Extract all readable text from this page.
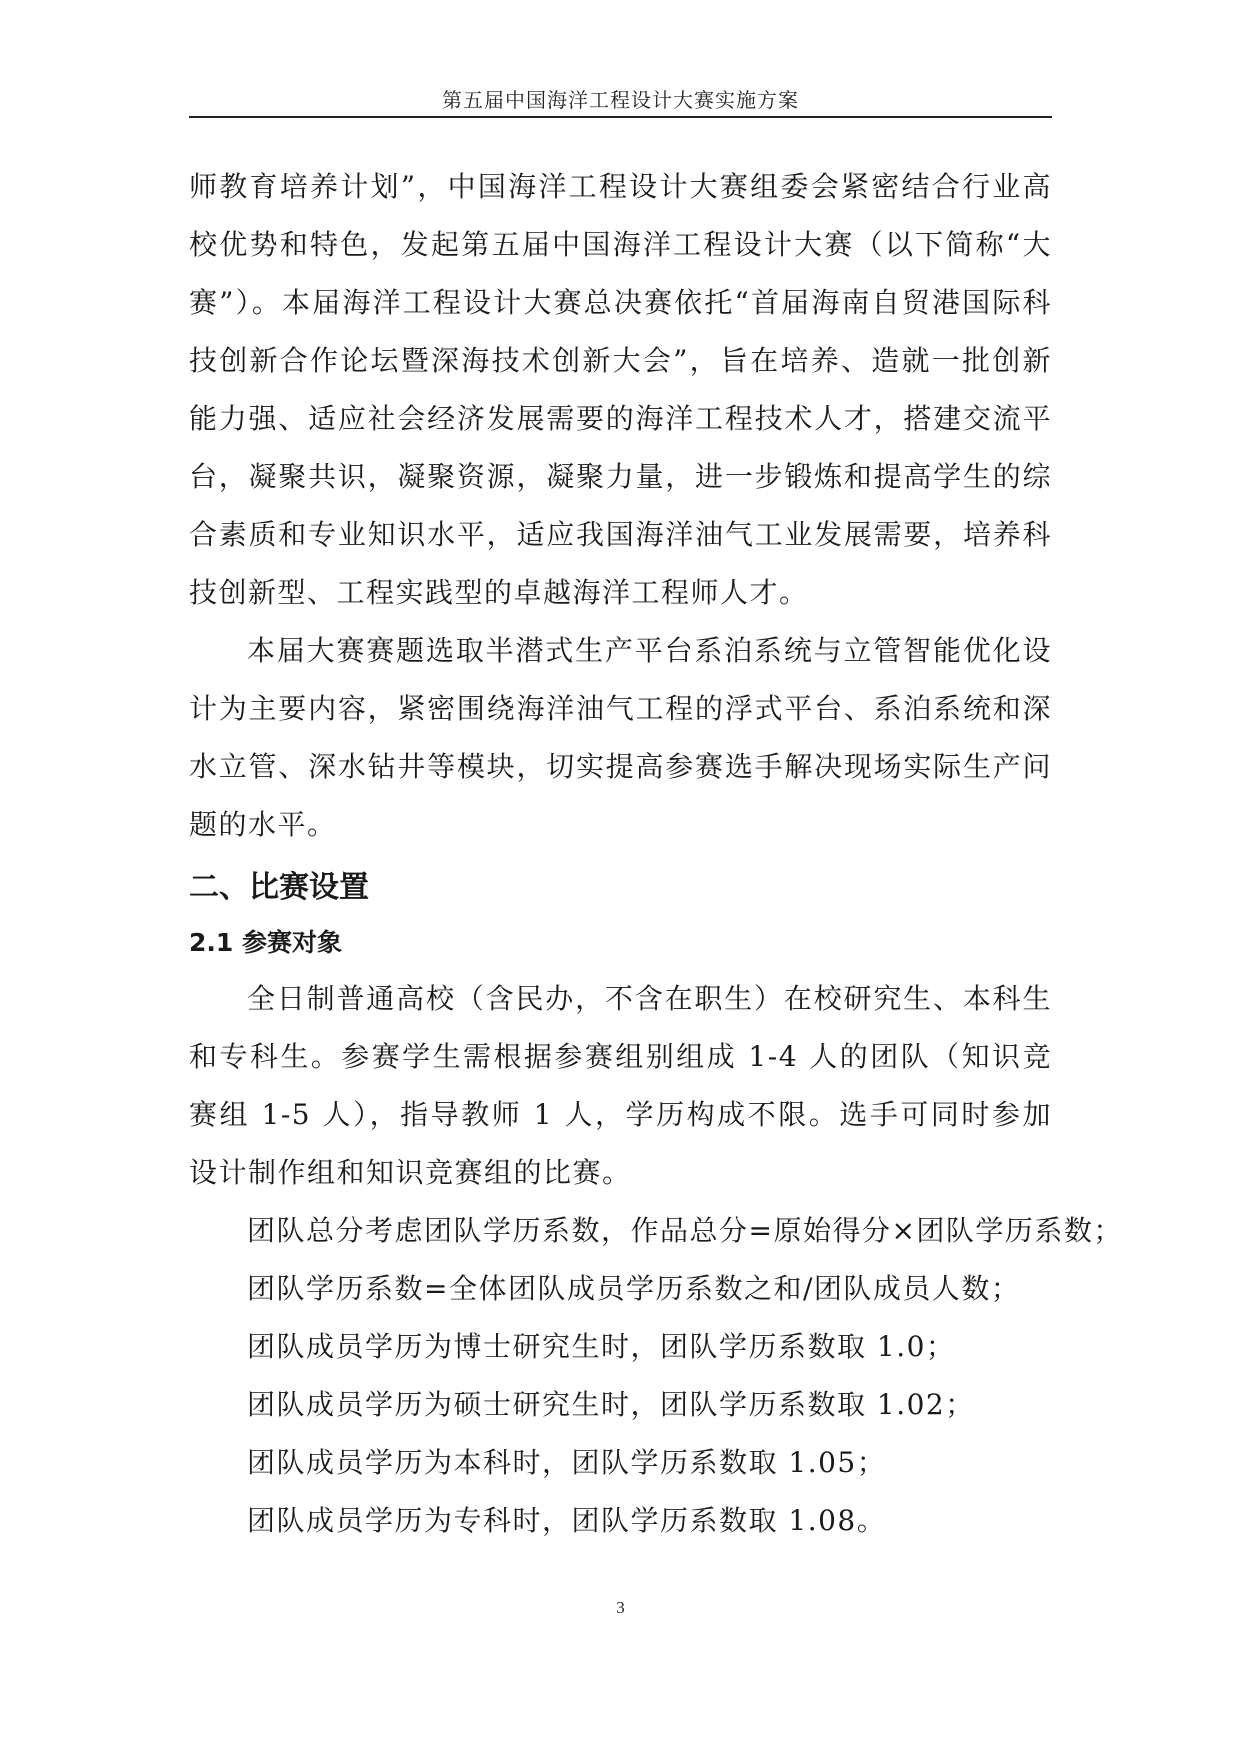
第五届中国海洋工程设计大赛实施方案

师教育培养计划”，中国海洋工程设计大赛组委会紧密结合行业高校优势和特色，发起第五届中国海洋工程设计大赛（以下简称“大赛”）。本届海洋工程设计大赛总决赛依托“首届海南自贸港国际科技创新合作论坛暨深海技术创新大会”，旨在培养、造就一批创新能力强、适应社会经济发展需要的海洋工程技术人才，搭建交流平台，凝聚共识，凝聚资源，凝聚力量，进一步锻炼和提高学生的综合素质和专业知识水平，适应我国海洋油气工业发展需要，培养科技创新型、工程实践型的卓越海洋工程师人才。

本届大赛赛题选取半潜式生产平台系泊系统与立管智能优化设计为主要内容，紧密围绕海洋油气工程的浮式平台、系泊系统和深水立管、深水钻井等模块，切实提高参赛选手解决现场实际生产问题的水平。

二、比赛设置
2.1 参赛对象

全日制普通高校（含民办，不含在职生）在校研究生、本科生和专科生。参赛学生需根据参赛组别组成 1-4 人的团队（知识竞赛组 1-5 人），指导教师 1 人，学历构成不限。选手可同时参加设计制作组和知识竞赛组的比赛。

团队总分考虑团队学历系数，作品总分=原始得分×团队学历系数；

团队学历系数=全体团队成员学历系数之和/团队成员人数；

团队成员学历为博士研究生时，团队学历系数取 1.0；

团队成员学历为硕士研究生时，团队学历系数取 1.02；

团队成员学历为本科时，团队学历系数取 1.05；

团队成员学历为专科时，团队学历系数取 1.08。

3
